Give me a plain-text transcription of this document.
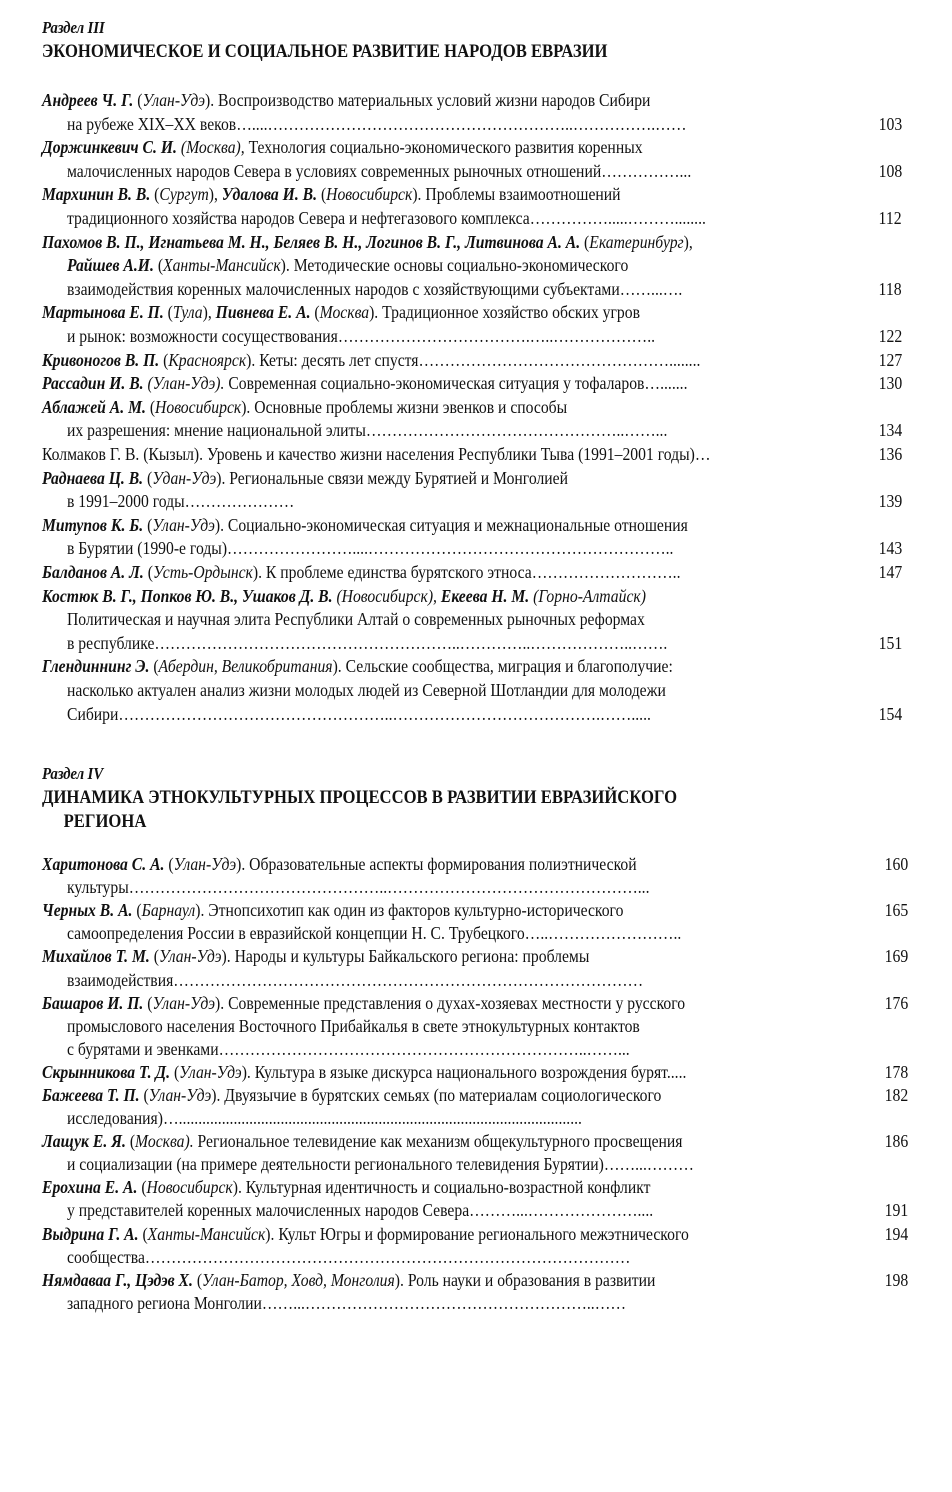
Раздел III
ЭКОНОМИЧЕСКОЕ И СОЦИАЛЬНОЕ РАЗВИТИЕ НАРОДОВ ЕВРАЗИИ
Андреев Ч. Г. (Улан-Удэ). Воспроизводство материальных условий жизни народов Сибири
на рубеже XIX–XX веков…....…………………………………………………..…………….……	103
Доржинкевич С. И. (Москва), Технология социально-экономического развития коренных
малочисленных народов Севера в условиях современных рыночных отношений……………...	108
Мархинин В. В. (Сургут), Удалова И. В. (Новосибирск). Проблемы взаимоотношений
традиционного хозяйства народов Севера и нефтегазового комплекса…………….....………........	112
Пахомов В. П., Игнатьева М. Н., Беляев В. Н., Логинов В. Г., Литвинова А. А. (Екатеринбург),
Райшев А.И. (Ханты-Мансийск). Методические основы социально-экономического
взаимодействия коренных малочисленных народов с хозяйствующими субъектами……...….	118
Мартынова Е. П. (Тула), Пивнева Е. А. (Москва). Традиционное хозяйство обских угров
и рынок: возможности сосуществования……………………………….…..………………..	122
Кривоногов В. П. (Красноярск). Кеты: десять лет спустя…………………………………………........	127
Рассадин И. В. (Улан-Удэ). Современная социально-экономическая ситуация у тофаларов….......	130
Аблажей А. М. (Новосибирск). Основные проблемы жизни эвенков и способы
их разрешения: мнение национальной элиты…………………………………………..……...	134
Колмаков Г. В. (Кызыл). Уровень и качество жизни населения Республики Тыва (1991–2001 годы)…	136
Раднаева Ц. В. (Удан-Удэ). Региональные связи между Бурятией и Монголией
в 1991–2000 годы…………………	139
Митупов К. Б. (Улан-Удэ). Социально-экономическая ситуация и межнациональные отношения
в Бурятии (1990-е годы)……………………....…………………………………………………..	143
Балданов А. Л. (Усть-Ордынск). К проблеме единства бурятского этноса………………………..	147
Костюк В. Г., Попков Ю. В., Ушаков Д. В. (Новосибирск), Екеева Н. М. (Горно-Алтайск)
Политическая и научная элита Республики Алтай о современных рыночных реформах
в республике…………………………………………………..…………..………………..…….	151
Глендиннинг Э. (Абердин, Великобритания). Сельские сообщества, миграция и благополучие:
насколько актуален анализ жизни молодых людей из Северной Шотландии для молодежи
Сибири……………………………………………..………………………………….…….....	154
Раздел IV
ДИНАМИКА ЭТНОКУЛЬТУРНЫХ ПРОЦЕССОВ В РАЗВИТИИ ЕВРАЗИЙСКОГО
РЕГИОНА
Харитонова С. А. (Улан-Удэ). Образовательные аспекты формирования полиэтнической	160
культуры…………………………………………..…………………………………………...
Черных В. А. (Барнаул). Этнопсихотип как один из факторов культурно-исторического	165
самоопределения России в евразийской концепции Н. С. Трубецкого…..……………………..
Михайлов Т. М. (Улан-Удэ). Народы и культуры Байкальского региона: проблемы	169
взаимодействия………………………………………………………………………………
Башаров И. П. (Улан-Удэ). Современные представления о духах-хозяевах местности у русского	176
промыслового населения Восточного Прибайкалья в свете этнокультурных контактов
с бурятами и эвенками……………………………………………………………..……...
Скрынникова Т. Д. (Улан-Удэ). Культура в языке дискурса национального возрождения бурят.....	178
Бажеева Т. П. (Улан-Удэ). Двуязычие в бурятских семьях (по материалам социологического	182
исследования)….......................................................................................................
Лащук Е. Я. (Москва). Региональное телевидение как механизм общекультурного просвещения	186
и социализации (на примере деятельности регионального телевидения Бурятии)……...………
Ерохина Е. А. (Новосибирск). Культурная идентичность и социально-возрастной конфликт
у представителей коренных малочисленных народов Севера………...…………………....	191
Выдрина Г. А. (Ханты-Мансийск). Культ Югры и формирование регионального межэтнического	194
сообщества…………………………………………………………………………………
Нямдаваа Г., Цэдэв Х. (Улан-Батор, Ховд, Монголия). Роль науки и образования в развитии	198
западного региона Монголии……...………………………………………………..……
